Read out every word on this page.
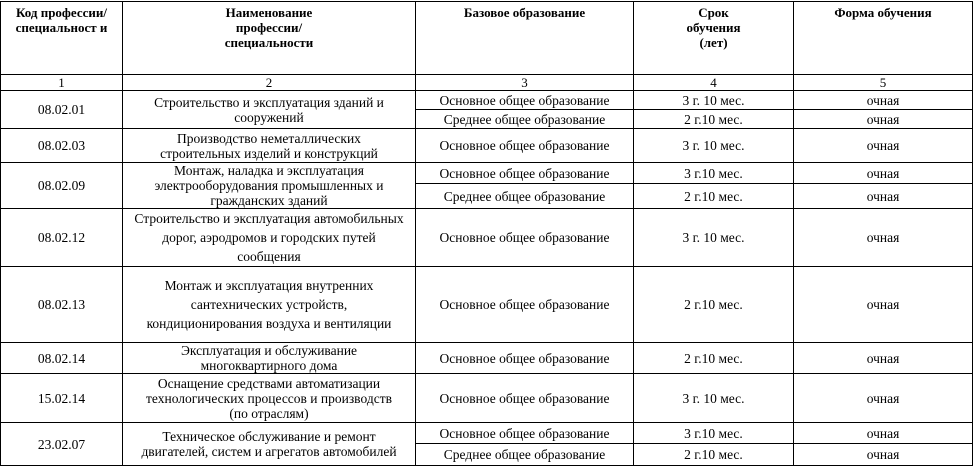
Код профессии/ специальност и	Наименование профессии/ специальности	Базовое образование	Срок обучения (лет)	Форма обучения
1	2	3	4	5
08.02.01	Строительство и эксплуатация зданий и сооружений	Основное общее образование	3 г. 10 мес.	очная
		Среднее общее образование	2 г.10 мес.	очная
08.02.03	Производство неметаллических строительных изделий и конструкций	Основное общее образование	3 г. 10 мес.	очная
08.02.09	Монтаж, наладка и эксплуатация электрооборудования промышленных и гражданских зданий	Основное общее образование	3 г.10 мес.	очная
		Среднее общее образование	2 г.10 мес.	очная
08.02.12	Строительство и эксплуатация автомобильных дорог, аэродромов и городских путей сообщения	Основное общее образование	3 г. 10 мес.	очная
08.02.13	Монтаж и эксплуатация внутренних сантехнических устройств, кондиционирования воздуха и вентиляции	Основное общее образование	2 г.10 мес.	очная
08.02.14	Эксплуатация и обслуживание многоквартирного дома	Основное общее образование	2 г.10 мес.	очная
15.02.14	Оснащение средствами автоматизации технологических процессов и производств (по отраслям)	Основное общее образование	3 г. 10 мес.	очная
23.02.07	Техническое обслуживание и ремонт двигателей, систем и агрегатов автомобилей	Основное общее образование	3 г.10 мес.	очная
		Среднее общее образование	2 г.10 мес.	очная
